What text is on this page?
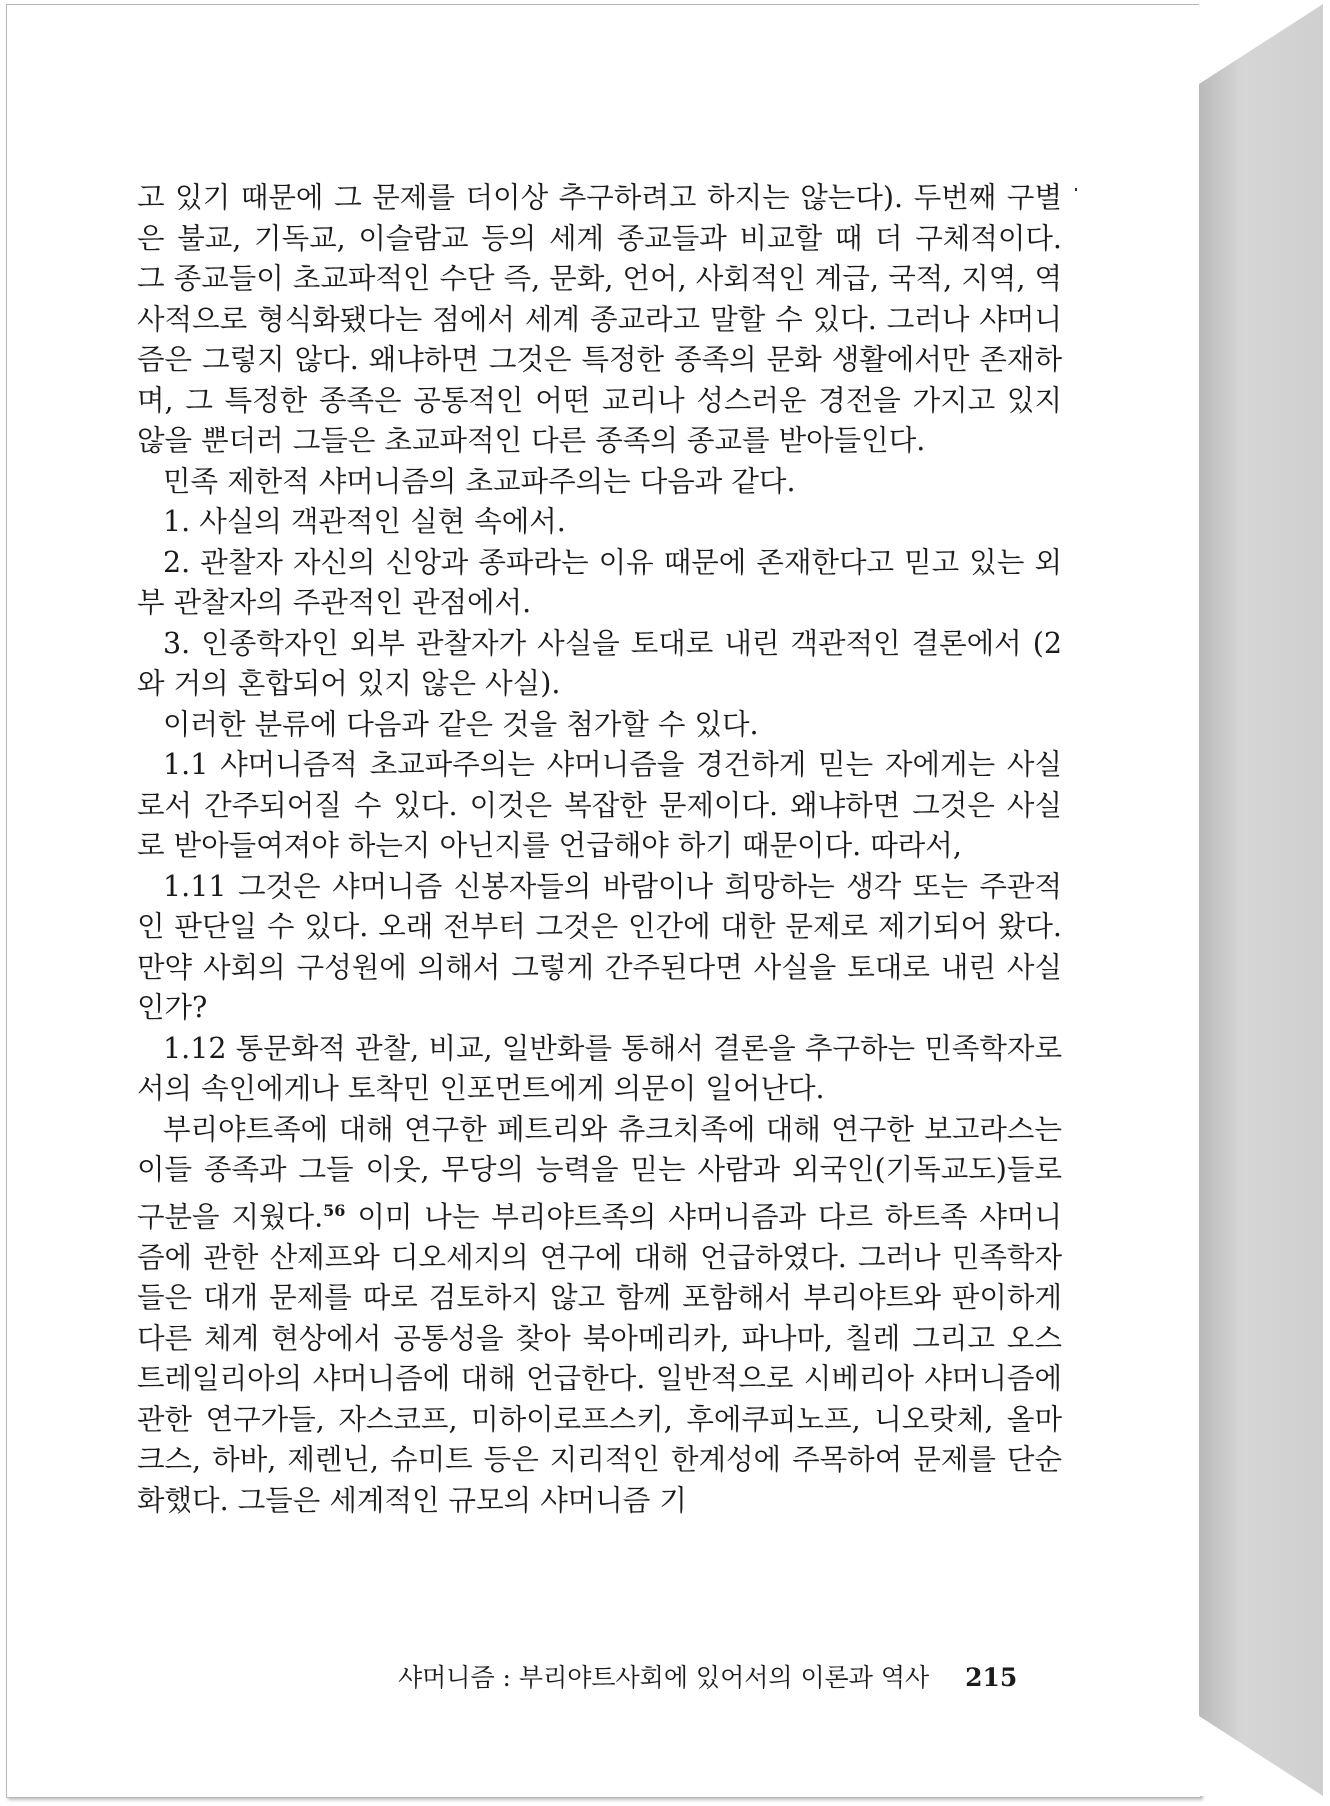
고 있기 때문에 그 문제를 더이상 추구하려고 하지는 않는다). 두번째 구별은 불교, 기독교, 이슬람교 등의 세계 종교들과 비교할 때 더 구체적이다. 그 종교들이 초교파적인 수단 즉, 문화, 언어, 사회적인 계급, 국적, 지역, 역사적으로 형식화됐다는 점에서 세계 종교라고 말할 수 있다. 그러나 샤머니즘은 그렇지 않다. 왜냐하면 그것은 특정한 종족의 문화 생활에서만 존재하며, 그 특정한 종족은 공통적인 어떤 교리나 성스러운 경전을 가지고 있지 않을 뿐더러 그들은 초교파적인 다른 종족의 종교를 받아들인다.

민족 제한적 샤머니즘의 초교파주의는 다음과 같다.

1. 사실의 객관적인 실현 속에서.

2. 관찰자 자신의 신앙과 종파라는 이유 때문에 존재한다고 믿고 있는 외부 관찰자의 주관적인 관점에서.

3. 인종학자인 외부 관찰자가 사실을 토대로 내린 객관적인 결론에서 (2와 거의 혼합되어 있지 않은 사실).

이러한 분류에 다음과 같은 것을 첨가할 수 있다.

1.1 샤머니즘적 초교파주의는 샤머니즘을 경건하게 믿는 자에게는 사실로서 간주되어질 수 있다. 이것은 복잡한 문제이다. 왜냐하면 그것은 사실로 받아들여져야 하는지 아닌지를 언급해야 하기 때문이다. 따라서,

1.11 그것은 샤머니즘 신봉자들의 바람이나 희망하는 생각 또는 주관적인 판단일 수 있다. 오래 전부터 그것은 인간에 대한 문제로 제기되어 왔다. 만약 사회의 구성원에 의해서 그렇게 간주된다면 사실을 토대로 내린 사실인가?

1.12 통문화적 관찰, 비교, 일반화를 통해서 결론을 추구하는 민족학자로서의 속인에게나 토착민 인포먼트에게 의문이 일어난다.

부리야트족에 대해 연구한 페트리와 츄크치족에 대해 연구한 보고라스는 이들 종족과 그들 이웃, 무당의 능력을 믿는 사람과 외국인(기독교도)들로 구분을 지웠다.$^{56}$ 이미 나는 부리야트족의 샤머니즘과 다르 하트족 샤머니즘에 관한 산제프와 디오세지의 연구에 대해 언급하였다. 그러나 민족학자들은 대개 문제를 따로 검토하지 않고 함께 포함해서 부리야트와 판이하게 다른 체계 현상에서 공통성을 찾아 북아메리카, 파나마, 칠레 그리고 오스트레일리아의 샤머니즘에 대해 언급한다. 일반적으로 시베리아 샤머니즘에 관한 연구가들, 자스코프, 미하이로프스키, 후에쿠피노프, 니오랏체, 올마크스, 하바, 제렌닌, 슈미트 등은 지리적인 한계성에 주목하여 문제를 단순화했다. 그들은 세계적인 규모의 샤머니즘 기

샤머니즘 : 부리야트사회에 있어서의 이론과 역사 215
